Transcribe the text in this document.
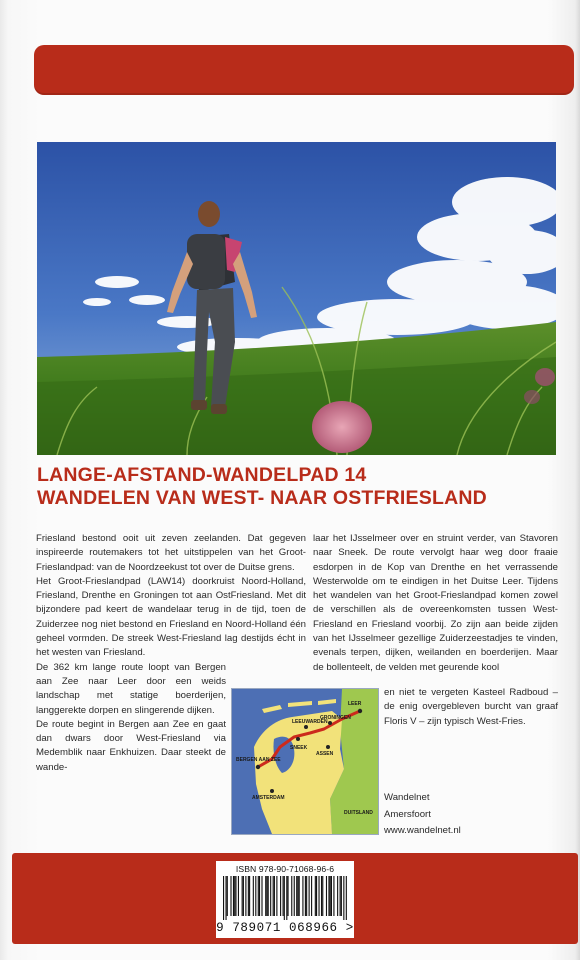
LANGE-AFSTAND-WANDELPAD 14
WANDELEN VAN WEST- NAAR OSTFRIESLAND

Friesland bestond ooit uit zeven zeelanden. Dat gegeven inspireerde routemakers tot het uitstippelen van het Groot-Frieslandpad: van de Noordzeekust tot over de Duitse grens.

Het Groot-Frieslandpad (LAW14) doorkruist Noord-Holland, Friesland, Drenthe en Groningen tot aan OstFriesland. Met dit bijzondere pad keert de wandelaar terug in de tijd, toen de Zuiderzee nog niet bestond en Friesland en Noord-Holland één geheel vormden. De streek West-Friesland lag destijds écht in het westen van Friesland.

De 362 km lange route loopt van Bergen aan Zee naar Leer door een weids landschap met statige boerderijen, langgerekte dorpen en slingerende dijken.

De route begint in Bergen aan Zee en gaat dan dwars door West-Friesland via Medemblik naar Enkhuizen. Daar steekt de wande-

laar het IJsselmeer over en struint verder, van Stavoren naar Sneek. De route vervolgt haar weg door fraaie esdorpen in de Kop van Drenthe en het verrassende Westerwolde om te eindigen in het Duitse Leer. Tijdens het wandelen van het Groot-Frieslandpad komen zowel de verschillen als de overeenkomsten tussen West-Friesland en Friesland voorbij. Zo zijn aan beide zijden van het IJsselmeer gezellige Zuiderzeestadjes te vinden, evenals terpen, dijken, weilanden en boerderijen. Maar de bollenteelt, de velden met geurende kool

LEER
BERGEN AAN ZEE
SNEEK
LEEUWARDEN
GRONINGEN
ASSEN
AMSTERDAM
DUITSLAND

en niet te vergeten Kasteel Radboud – de enig overgebleven burcht van graaf Floris V – zijn typisch West-Fries.

Wandelnet
Amersfoort
www.wandelnet.nl
ISBN 978-90-71068-96-6
9 789071 068966 >
